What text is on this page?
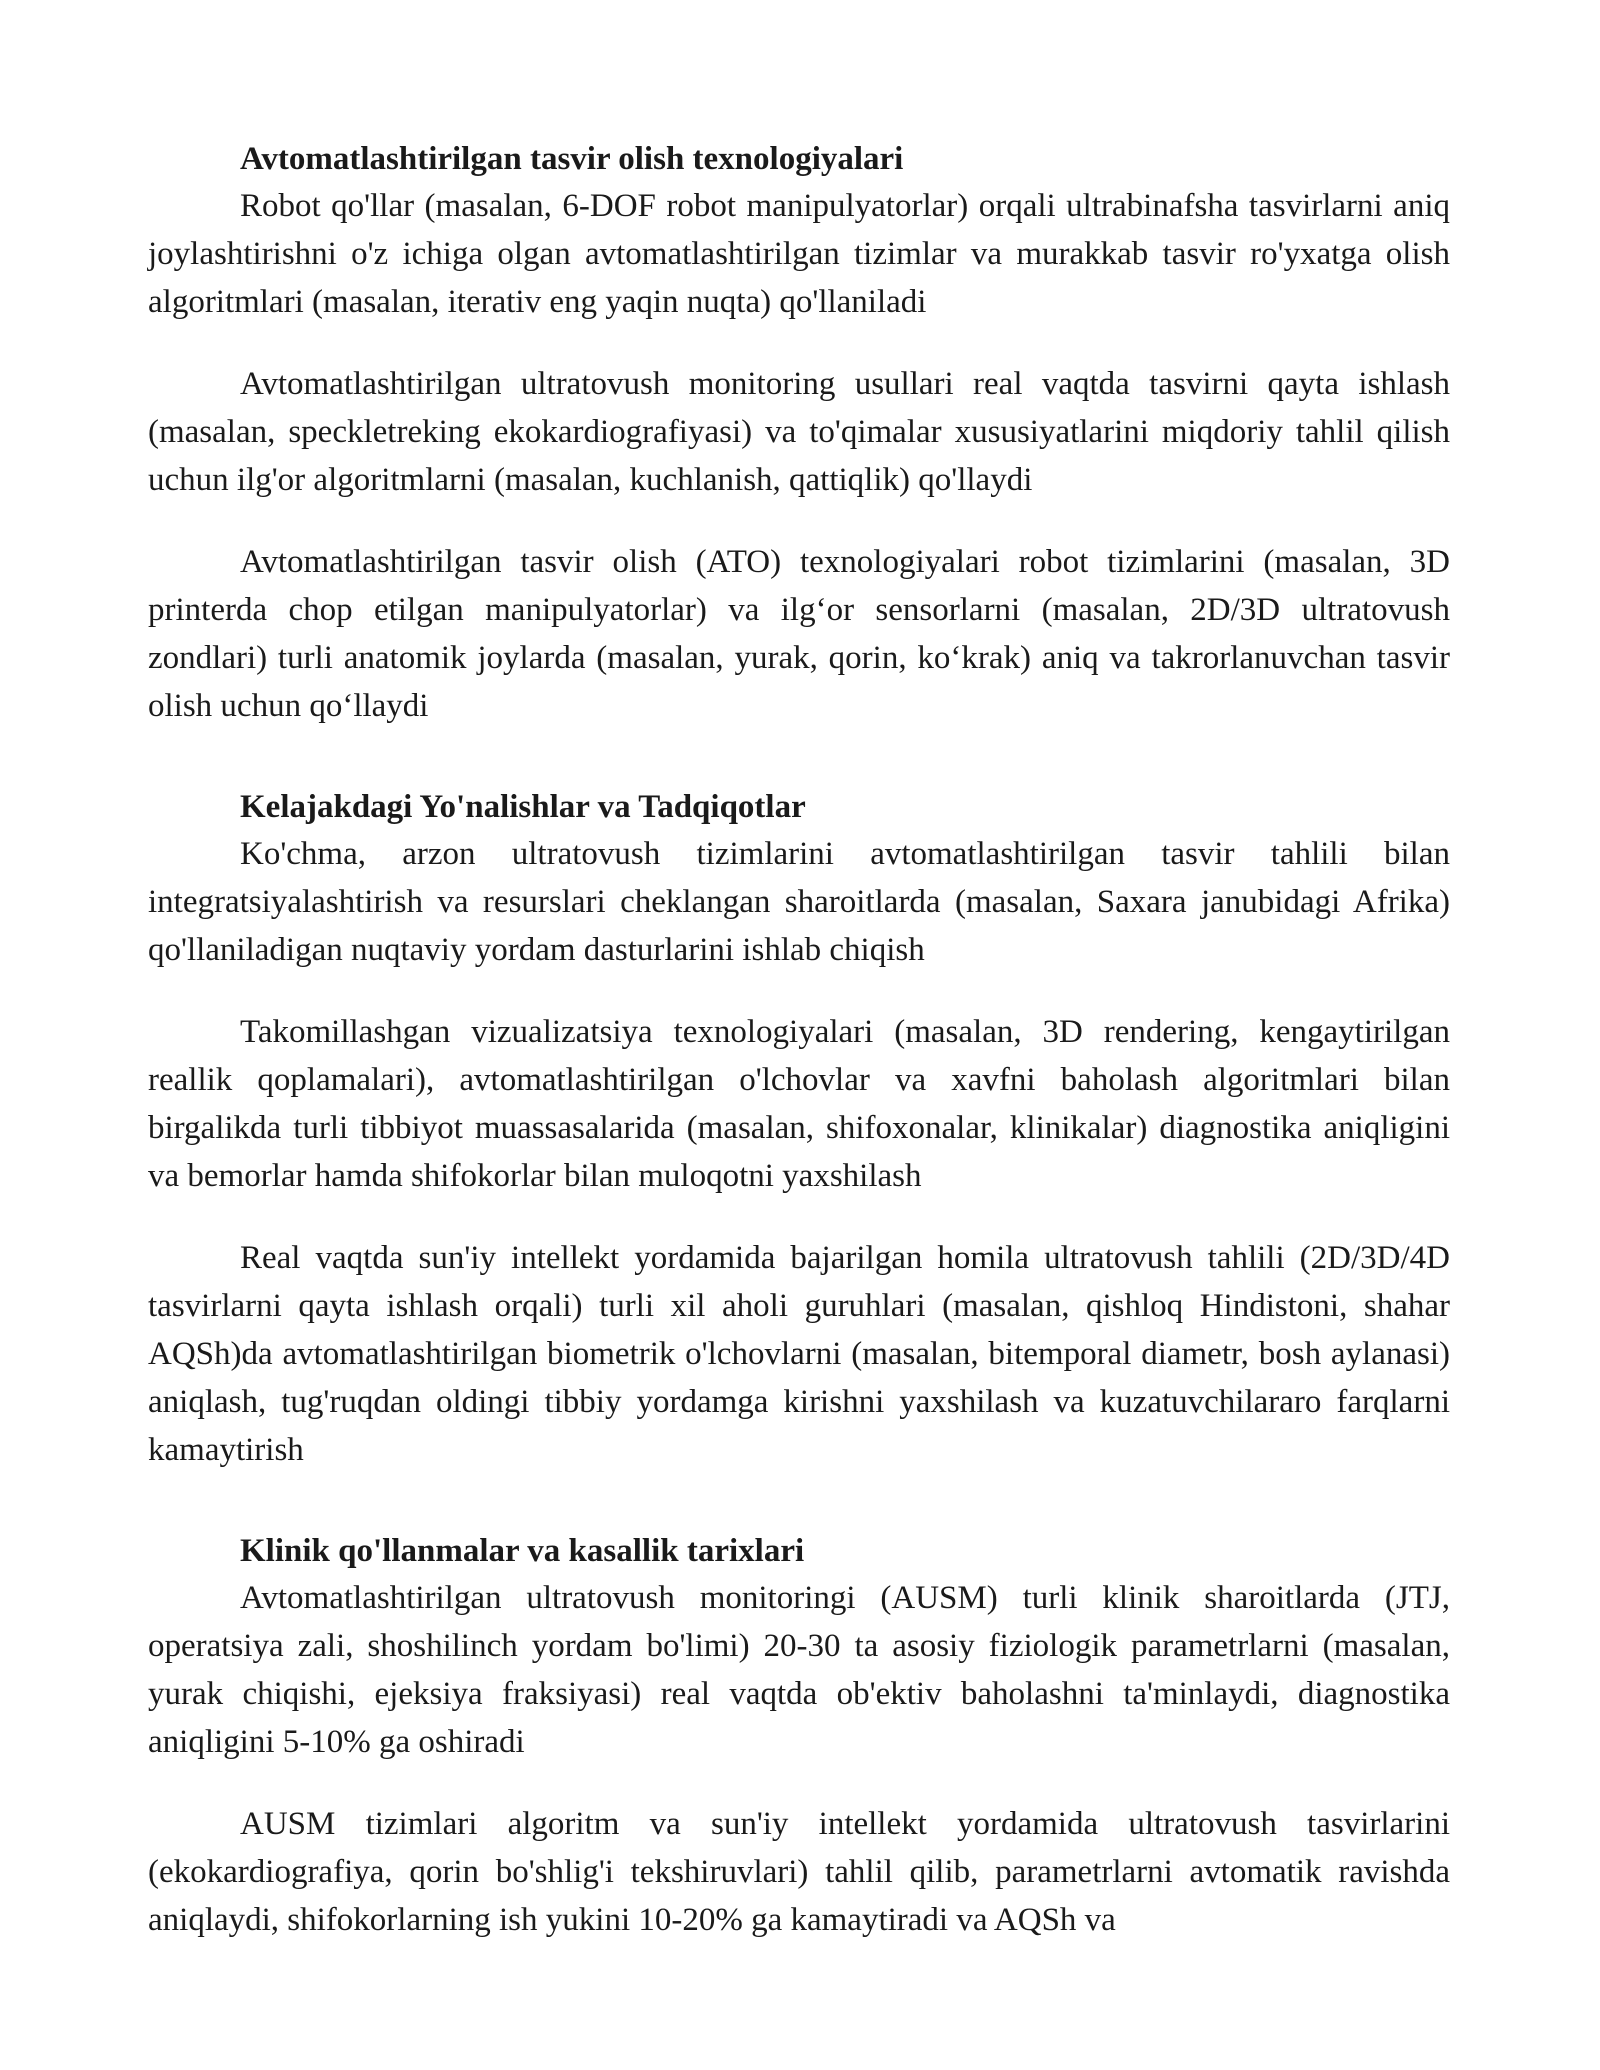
Avtomatlashtirilgan tasvir olish texnologiyalari

Robot qo'llar (masalan, 6-DOF robot manipulyatorlar) orqali ultrabinafsha tasvirlarni aniq joylashtirishni o'z ichiga olgan avtomatlashtirilgan tizimlar va murakkab tasvir ro'yxatga olish algoritmlari (masalan, iterativ eng yaqin nuqta) qo'llaniladi

Avtomatlashtirilgan ultratovush monitoring usullari real vaqtda tasvirni qayta ishlash (masalan, speckletreking ekokardiografiyasi) va to'qimalar xususiyatlarini miqdoriy tahlil qilish uchun ilg'or algoritmlarni (masalan, kuchlanish, qattiqlik) qo'llaydi

Avtomatlashtirilgan tasvir olish (ATO) texnologiyalari robot tizimlarini (masalan, 3D printerda chop etilgan manipulyatorlar) va ilg‘or sensorlarni (masalan, 2D/3D ultratovush zondlari) turli anatomik joylarda (masalan, yurak, qorin, ko‘krak) aniq va takrorlanuvchan tasvir olish uchun qo‘llaydi

Kelajakdagi Yo'nalishlar va Tadqiqotlar

Ko'chma, arzon ultratovush tizimlarini avtomatlashtirilgan tasvir tahlili bilan integratsiyalashtirish va resurslari cheklangan sharoitlarda (masalan, Saxara janubidagi Afrika) qo'llaniladigan nuqtaviy yordam dasturlarini ishlab chiqish

Takomillashgan vizualizatsiya texnologiyalari (masalan, 3D rendering, kengaytirilgan reallik qoplamalari), avtomatlashtirilgan o'lchovlar va xavfni baholash algoritmlari bilan birgalikda turli tibbiyot muassasalarida (masalan, shifoxonalar, klinikalar) diagnostika aniqligini va bemorlar hamda shifokorlar bilan muloqotni yaxshilash

Real vaqtda sun'iy intellekt yordamida bajarilgan homila ultratovush tahlili (2D/3D/4D tasvirlarni qayta ishlash orqali) turli xil aholi guruhlari (masalan, qishloq Hindistoni, shahar AQSh)da avtomatlashtirilgan biometrik o'lchovlarni (masalan, bitemporal diametr, bosh aylanasi) aniqlash, tug'ruqdan oldingi tibbiy yordamga kirishni yaxshilash va kuzatuvchilararo farqlarni kamaytirish

Klinik qo'llanmalar va kasallik tarixlari

Avtomatlashtirilgan ultratovush monitoringi (AUSM) turli klinik sharoitlarda (JTJ, operatsiya zali, shoshilinch yordam bo'limi) 20-30 ta asosiy fiziologik parametrlarni (masalan, yurak chiqishi, ejeksiya fraksiyasi) real vaqtda ob'ektiv baholashni ta'minlaydi, diagnostika aniqligini 5-10% ga oshiradi

AUSM tizimlari algoritm va sun'iy intellekt yordamida ultratovush tasvirlarini (ekokardiografiya, qorin bo'shlig'i tekshiruvlari) tahlil qilib, parametrlarni avtomatik ravishda aniqlaydi, shifokorlarning ish yukini 10-20% ga kamaytiradi va AQSh va
